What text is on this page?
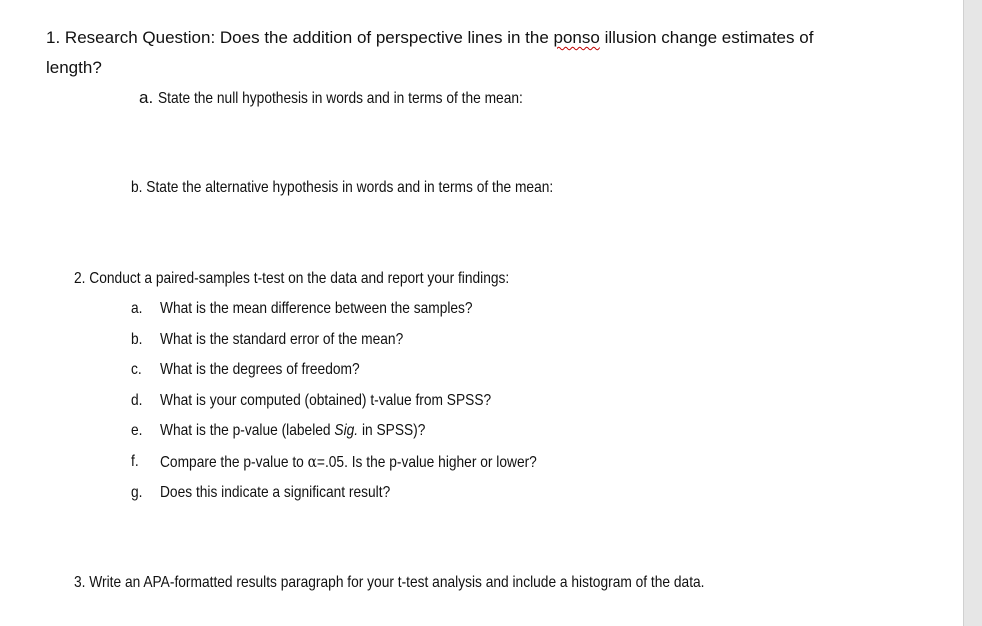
1. Research Question: Does the addition of perspective lines in the ponso illusion change estimates of
length?
a. State the null hypothesis in words and in terms of the mean:
b. State the alternative hypothesis in words and in terms of the mean:
2. Conduct a paired-samples t-test on the data and report your findings:
a. What is the mean difference between the samples?
b. What is the standard error of the mean?
c. What is the degrees of freedom?
d. What is your computed (obtained) t-value from SPSS?
e. What is the p-value (labeled Sig. in SPSS)?
f. Compare the p-value to α=.05. Is the p-value higher or lower?
g. Does this indicate a significant result?
3. Write an APA-formatted results paragraph for your t-test analysis and include a histogram of the data.
